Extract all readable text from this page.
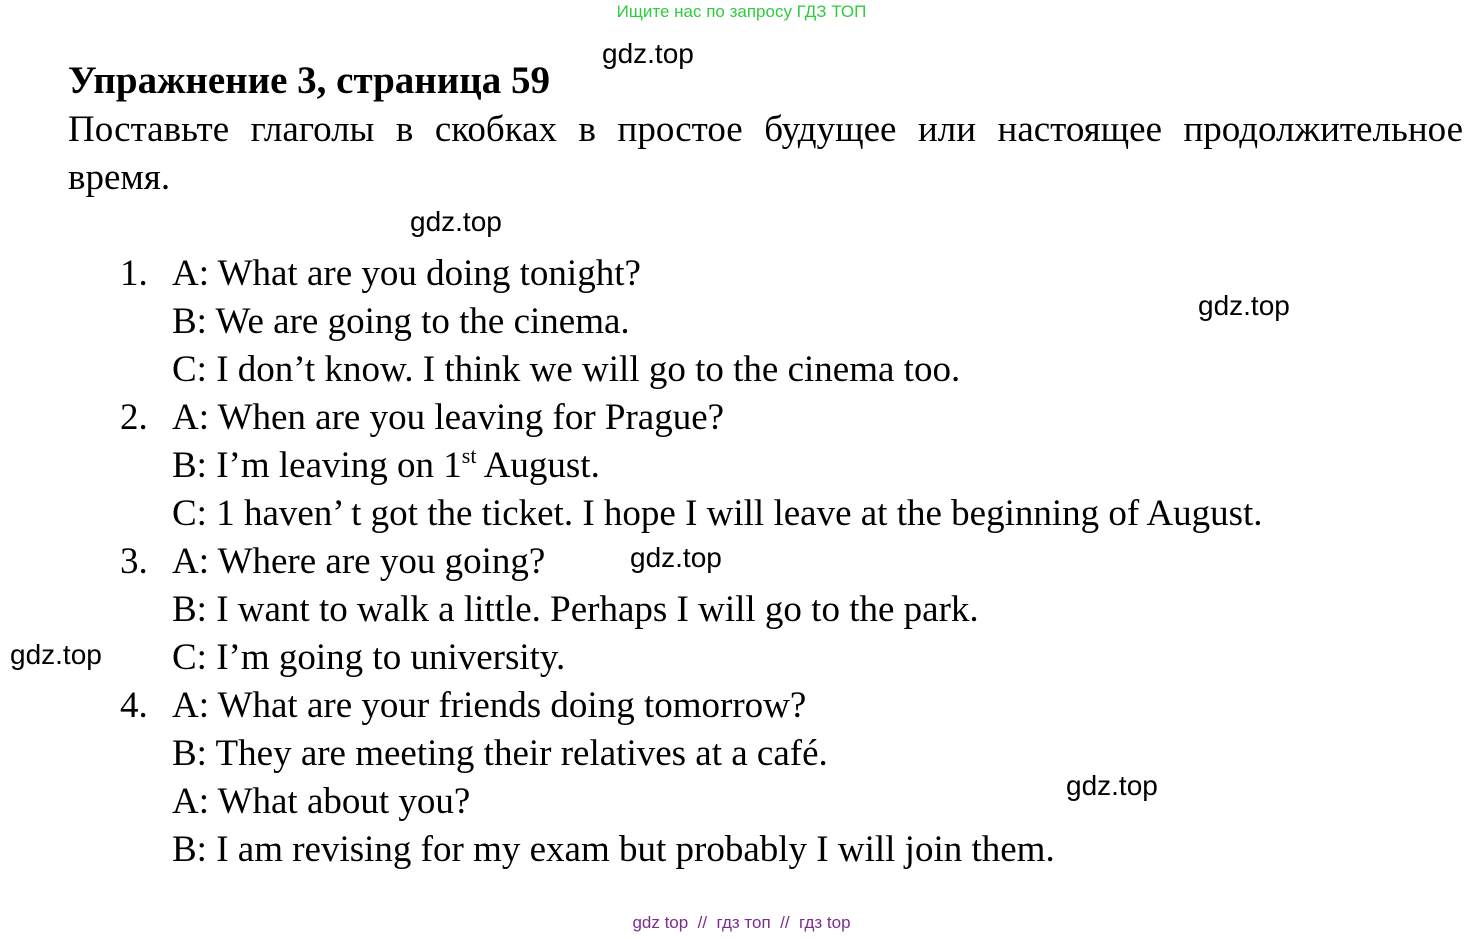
Ищите нас по запросу ГДЗ ТОП
Упражнение 3, страница 59
Поставьте глаголы в скобках в простое будущее или настоящее продолжительное время.
gdz.top
gdz.top
gdz.top
gdz.top
gdz.top
gdz.top
1. A: What are you doing tonight?
B: We are going to the cinema.
C: I don’t know. I think we will go to the cinema too.
2. A: When are you leaving for Prague?
B: I’m leaving on 1st August.
C: 1 haven’ t got the ticket. I hope I will leave at the beginning of August.
3. A: Where are you going?
B: I want to walk a little. Perhaps I will go to the park.
C: I’m going to university.
4. A: What are your friends doing tomorrow?
B: They are meeting their relatives at a café.
A: What about you?
B: I am revising for my exam but probably I will join them.
gdz top  //  гдз топ  //  гдз top
